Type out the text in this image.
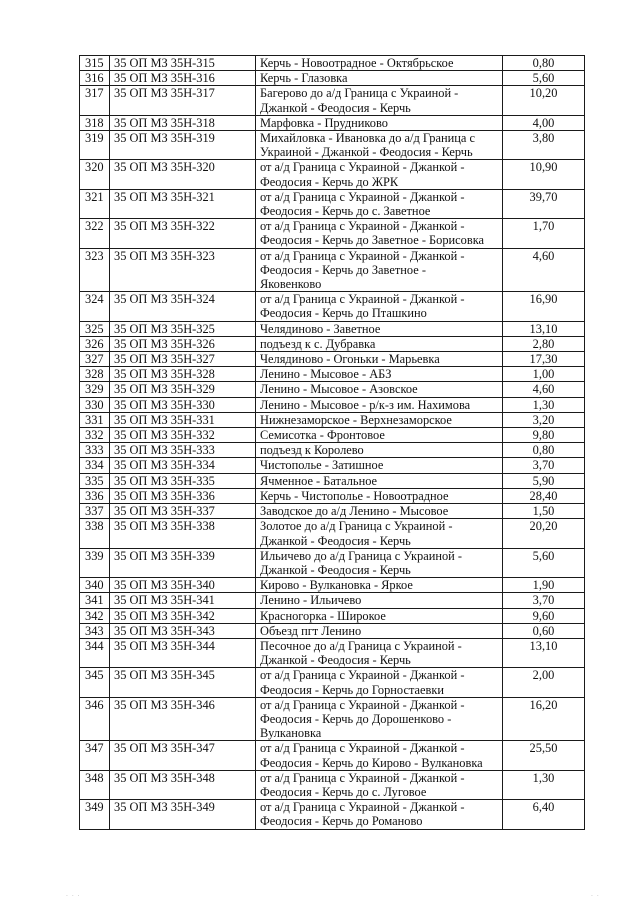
315	35 ОП МЗ 35Н-315	Керчь - Новоотрадное - Октябрьское	0,80
316	35 ОП МЗ 35Н-316	Керчь - Глазовка	5,60
317	35 ОП МЗ 35Н-317	Багерово до а/д Граница с Украиной -
Джанкой - Феодосия - Керчь	10,20
318	35 ОП МЗ 35Н-318	Марфовка - Прудниково	4,00
319	35 ОП МЗ 35Н-319	Михайловка - Ивановка до а/д Граница с
Украиной - Джанкой - Феодосия - Керчь	3,80
320	35 ОП МЗ 35Н-320	от а/д Граница с Украиной - Джанкой -
Феодосия - Керчь до ЖРК	10,90
321	35 ОП МЗ 35Н-321	от а/д Граница с Украиной - Джанкой -
Феодосия - Керчь до с. Заветное	39,70
322	35 ОП МЗ 35Н-322	от а/д Граница с Украиной - Джанкой -
Феодосия - Керчь до Заветное - Борисовка	1,70
323	35 ОП МЗ 35Н-323	от а/д Граница с Украиной - Джанкой -
Феодосия - Керчь до Заветное -
Яковенково	4,60
324	35 ОП МЗ 35Н-324	от а/д Граница с Украиной - Джанкой -
Феодосия - Керчь до Пташкино	16,90
325	35 ОП МЗ 35Н-325	Челядиново - Заветное	13,10
326	35 ОП МЗ 35Н-326	подъезд к с. Дубравка	2,80
327	35 ОП МЗ 35Н-327	Челядиново - Огоньки - Марьевка	17,30
328	35 ОП МЗ 35Н-328	Ленино - Мысовое - АБЗ	1,00
329	35 ОП МЗ 35Н-329	Ленино - Мысовое - Азовское	4,60
330	35 ОП МЗ 35Н-330	Ленино - Мысовое - р/к-з им. Нахимова	1,30
331	35 ОП МЗ 35Н-331	Нижнезаморское - Верхнезаморское	3,20
332	35 ОП МЗ 35Н-332	Семисотка - Фронтовое	9,80
333	35 ОП МЗ 35Н-333	подъезд к Королево	0,80
334	35 ОП МЗ 35Н-334	Чистополье - Затишное	3,70
335	35 ОП МЗ 35Н-335	Ячменное - Батальное	5,90
336	35 ОП МЗ 35Н-336	Керчь - Чистополье - Новоотрадное	28,40
337	35 ОП МЗ 35Н-337	Заводское до а/д Ленино - Мысовое	1,50
338	35 ОП МЗ 35Н-338	Золотое до а/д Граница с Украиной -
Джанкой - Феодосия - Керчь	20,20
339	35 ОП МЗ 35Н-339	Ильичево до а/д Граница с Украиной -
Джанкой - Феодосия - Керчь	5,60
340	35 ОП МЗ 35Н-340	Кирово - Вулкановка - Яркое	1,90
341	35 ОП МЗ 35Н-341	Ленино - Ильичево	3,70
342	35 ОП МЗ 35Н-342	Красногорка - Широкое	9,60
343	35 ОП МЗ 35Н-343	Объезд пгт Ленино	0,60
344	35 ОП МЗ 35Н-344	Песочное до а/д Граница с Украиной -
Джанкой - Феодосия - Керчь	13,10
345	35 ОП МЗ 35Н-345	от а/д Граница с Украиной - Джанкой -
Феодосия - Керчь до Горностаевки	2,00
346	35 ОП МЗ 35Н-346	от а/д Граница с Украиной - Джанкой -
Феодосия - Керчь до Дорошенково -
Вулкановка	16,20
347	35 ОП МЗ 35Н-347	от а/д Граница с Украиной - Джанкой -
Феодосия - Керчь до Кирово - Вулкановка	25,50
348	35 ОП МЗ 35Н-348	от а/д Граница с Украиной - Джанкой -
Феодосия - Керчь до с. Луговое	1,30
349	35 ОП МЗ 35Н-349	от а/д Граница с Украиной - Джанкой -
Феодосия - Керчь до Романово	6,40
· · ·	· ·
